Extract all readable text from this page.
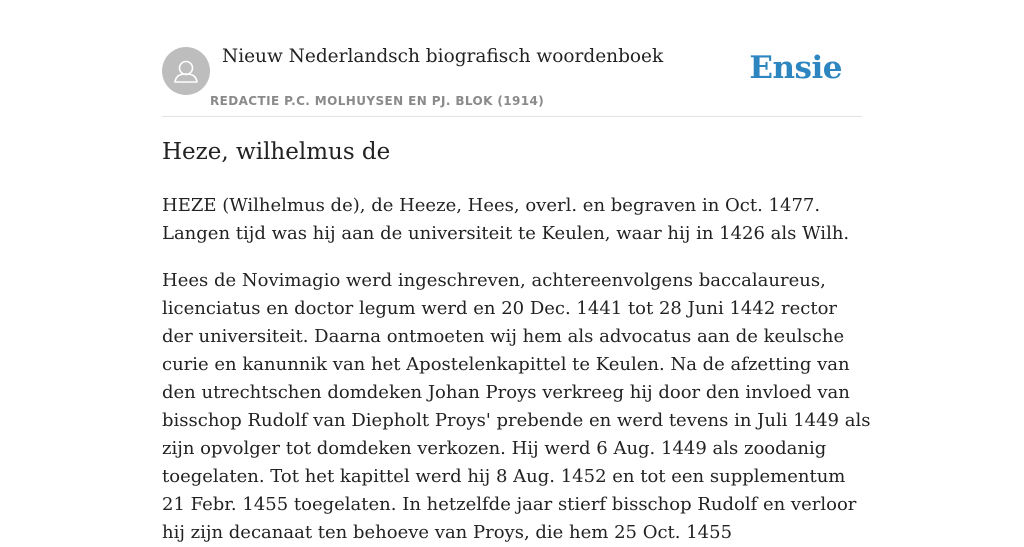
Nieuw Nederlandsch biografisch woordenboek
REDACTIE P.C. MOLHUYSEN EN PJ. BLOK (1914)
Ensie
Heze, wilhelmus de

HEZE (Wilhelmus de), de Heeze, Hees, overl. en begraven in Oct. 1477. Langen tijd was hij aan de universiteit te Keulen, waar hij in 1426 als Wilh.

Hees de Novimagio werd ingeschreven, achtereenvolgens baccalaureus, licenciatus en doctor legum werd en 20 Dec. 1441 tot 28 Juni 1442 rector der universiteit. Daarna ontmoeten wij hem als advocatus aan de keulsche curie en kanunnik van het Apostelenkapittel te Keulen. Na de afzetting van den utrechtschen domdeken Johan Proys verkreeg hij door den invloed van bisschop Rudolf van Diepholt Proys' prebende en werd tevens in Juli 1449 als zijn opvolger tot domdeken verkozen. Hij werd 6 Aug. 1449 als zoodanig toegelaten. Tot het kapittel werd hij 8 Aug. 1452 en tot een supplementum 21 Febr. 1455 toegelaten. In hetzelfde jaar stierf bisschop Rudolf en verloor hij zijn decanaat ten behoeve van Proys, die hem 25 Oct. 1455
